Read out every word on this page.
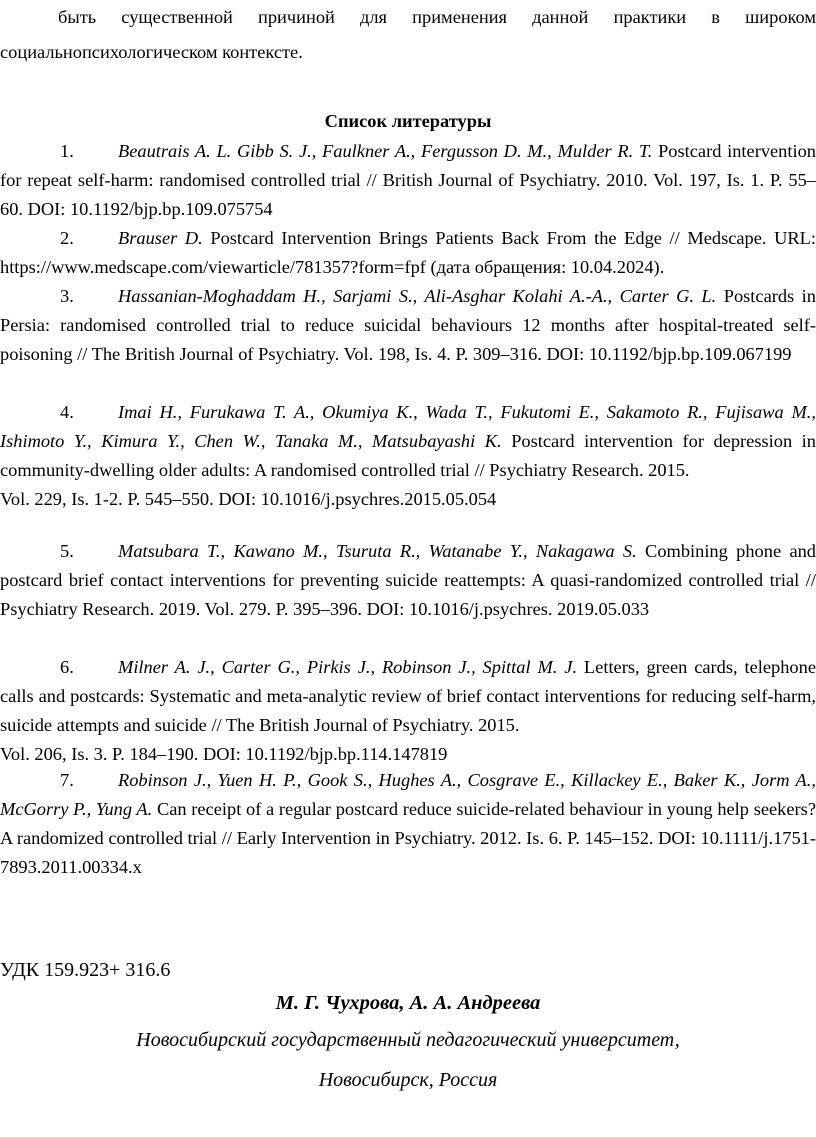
быть существенной причиной для применения данной практики в широком социальнопсихологическом контексте.

Список литературы

1. Beautrais A. L. Gibb S. J., Faulkner A., Fergusson D. M., Mulder R. T. Postcard intervention for repeat self-harm: randomised controlled trial // British Journal of Psychiatry. 2010. Vol. 197, Is. 1. P. 55–60. DOI: 10.1192/bjp.bp.109.075754

2. Brauser D. Postcard Intervention Brings Patients Back From the Edge // Medscape. URL: https://www.medscape.com/viewarticle/781357?form=fpf (дата обращения: 10.04.2024).

3. Hassanian-Moghaddam H., Sarjami S., Ali-Asghar Kolahi A.-A., Carter G. L. Postcards in Persia: randomised controlled trial to reduce suicidal behaviours 12 months after hospital-treated self-poisoning // The British Journal of Psychiatry. Vol. 198, Is. 4. P. 309–316. DOI: 10.1192/bjp.bp.109.067199

4. Imai H., Furukawa T. A., Okumiya K., Wada T., Fukutomi E., Sakamoto R., Fujisawa M., Ishimoto Y., Kimura Y., Chen W., Tanaka M., Matsubayashi K. Postcard intervention for depression in community-dwelling older adults: A randomised controlled trial // Psychiatry Research. 2015.
Vol. 229, Is. 1-2. P. 545–550. DOI: 10.1016/j.psychres.2015.05.054

5. Matsubara T., Kawano M., Tsuruta R., Watanabe Y., Nakagawa S. Combining phone and postcard brief contact interventions for preventing suicide reattempts: A quasi-randomized controlled trial // Psychiatry Research. 2019. Vol. 279. P. 395–396. DOI: 10.1016/j.psychres. 2019.05.033

6. Milner A. J., Carter G., Pirkis J., Robinson J., Spittal M. J. Letters, green cards, telephone calls and postcards: Systematic and meta-analytic review of brief contact interventions for reducing self-harm, suicide attempts and suicide // The British Journal of Psychiatry. 2015.
Vol. 206, Is. 3. P. 184–190. DOI: 10.1192/bjp.bp.114.147819

7. Robinson J., Yuen H. P., Gook S., Hughes A., Cosgrave E., Killackey E., Baker K., Jorm A., McGorry P., Yung A. Can receipt of a regular postcard reduce suicide-related behaviour in young help seekers? A randomized controlled trial // Early Intervention in Psychiatry. 2012. Is. 6. P. 145–152. DOI: 10.1111/j.1751-7893.2011.00334.x

УДК 159.923+ 316.6

М. Г. Чухрова, А. А. Андреева

Новосибирский государственный педагогический университет,

Новосибирск, Россия
